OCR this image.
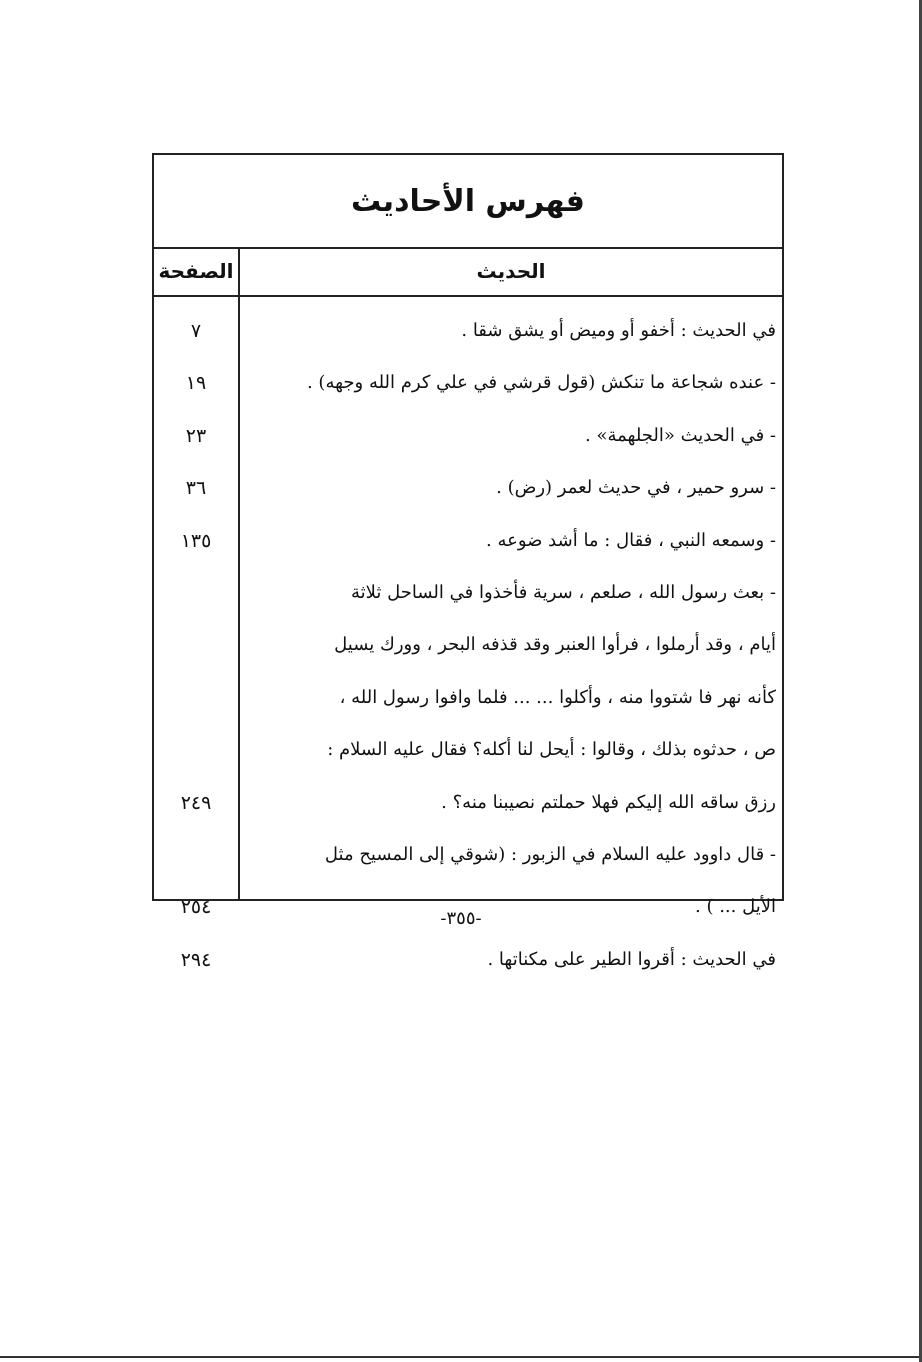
فهرس الأحاديث
الصفحة	الحديث
في الحديث : أخفو أو وميض أو يشق شقا .
٧
- عنده شجاعة ما تنكش (قول قرشي في علي كرم الله وجهه) .
١٩
- في الحديث «الجلهمة» .
٢٣
- سرو حمير ، في حديث لعمر (رض) .
٣٦
- وسمعه النبي ، فقال : ما أشد ضوعه .
١٣٥
- بعث رسول الله ، صلعم ، سرية فأخذوا في الساحل ثلاثة
أيام ، وقد أرملوا ، فرأوا العنبر وقد قذفه البحر ، وورك يسيل
كأنه نهر فا شتووا منه ، وأكلوا ... ... فلما وافوا رسول الله ،
ص ، حدثوه بذلك ، وقالوا : أيحل لنا أكله؟ فقال عليه السلام :
رزق ساقه الله إليكم فهلا حملتم نصيبنا منه؟ .
٢٤٩
- قال داوود عليه السلام في الزبور : (شوقي إلى المسيح مثل
الأيل ... ) .
٢٥٤
في الحديث : أقروا الطير على مكناتها .
٢٩٤
-٣٥٥-
